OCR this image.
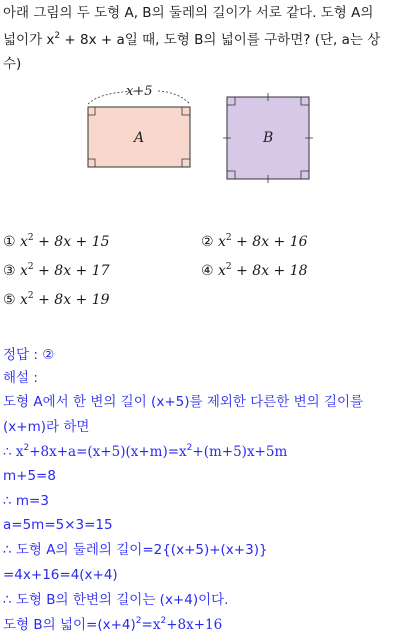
아래 그림의 두 도형 A, B의 둘레의 길이가 서로 같다. 도형 A의
넓이가 $x^2 + 8x + a$일 때, 도형 B의 넓이를 구하면? (단, a는 상
수)
x+5
A	B
① $x^2 + 8x + 15$	② $x^2 + 8x + 16$
③ $x^2 + 8x + 17$	④ $x^2 + 8x + 18$
⑤ $x^2 + 8x + 19$
정답 : ②
해설 :
도형 A에서 한 변의 길이 (x+5)를 제외한 다른한 변의 길이를
(x+m)라 하면
∴ $x^2+8x+a=(x+5)(x+m)=x^2+(m+5)x+5m$
m+5=8
∴ m=3
a=5m=5×3=15
∴ 도형 A의 둘레의 길이=2{(x+5)+(x+3)}
=4x+16=4(x+4)
∴ 도형 B의 한변의 길이는 (x+4)이다.
도형 B의 넓이$=(x+4)^2=x^2+8x+16$
